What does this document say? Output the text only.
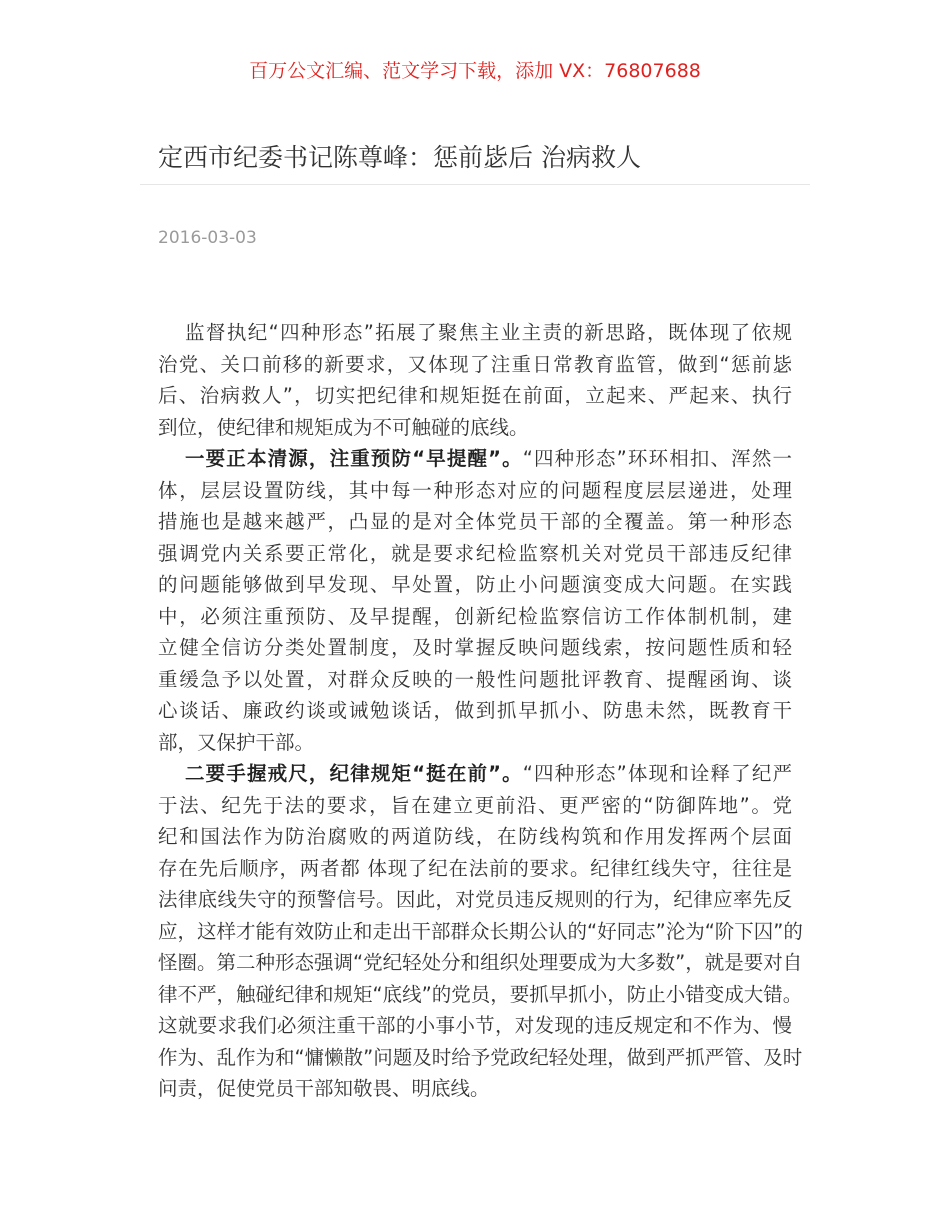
百万公文汇编、范文学习下载，添加 VX：76807688
定西市纪委书记陈尊峰：惩前毖后 治病救人
2016-03-03
监督执纪“四种形态”拓展了聚焦主业主责的新思路，既体现了依规
治党、关口前移的新要求，又体现了注重日常教育监管，做到“惩前毖
后、治病救人”，切实把纪律和规矩挺在前面，立起来、严起来、执行
到位，使纪律和规矩成为不可触碰的底线。
一要正本清源，注重预防“早提醒”。“四种形态”环环相扣、浑然一
体，层层设置防线，其中每一种形态对应的问题程度层层递进，处理
措施也是越来越严，凸显的是对全体党员干部的全覆盖。第一种形态
强调党内关系要正常化，就是要求纪检监察机关对党员干部违反纪律
的问题能够做到早发现、早处置，防止小问题演变成大问题。在实践
中，必须注重预防、及早提醒，创新纪检监察信访工作体制机制，建
立健全信访分类处置制度，及时掌握反映问题线索，按问题性质和轻
重缓急予以处置，对群众反映的一般性问题批评教育、提醒函询、谈
心谈话、廉政约谈或诫勉谈话，做到抓早抓小、防患未然，既教育干
部，又保护干部。
二要手握戒尺，纪律规矩“挺在前”。“四种形态”体现和诠释了纪严
于法、纪先于法的要求，旨在建立更前沿、更严密的“防御阵地”。党
纪和国法作为防治腐败的两道防线，在防线构筑和作用发挥两个层面
存在先后顺序，两者都 体现了纪在法前的要求。纪律红线失守，往往是
法律底线失守的预警信号。因此，对党员违反规则的行为，纪律应率先反
应，这样才能有效防止和走出干部群众长期公认的“好同志”沦为“阶下囚”的
怪圈。第二种形态强调“党纪轻处分和组织处理要成为大多数”，就是要对自
律不严，触碰纪律和规矩“底线”的党员，要抓早抓小，防止小错变成大错。
这就要求我们必须注重干部的小事小节，对发现的违反规定和不作为、慢
作为、乱作为和“慵懒散”问题及时给予党政纪轻处理，做到严抓严管、及时
问责，促使党员干部知敬畏、明底线。
